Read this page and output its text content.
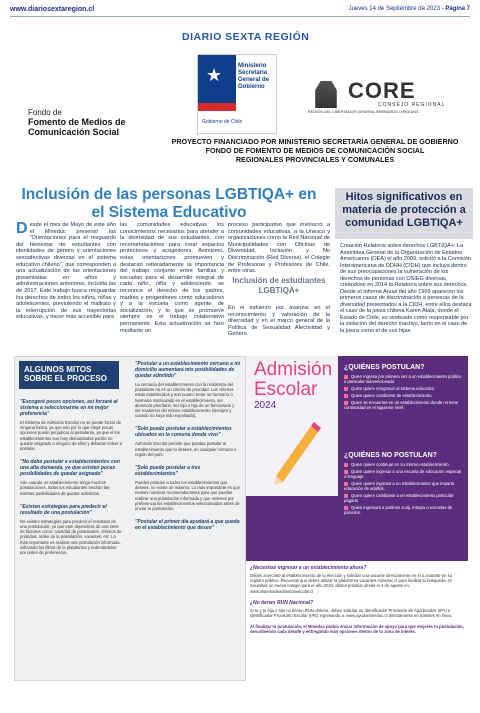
www.diariosextaregion.cl	Jueves 14 de Septiembre de 2023 - Página 7
DIARIO SEXTA REGIÓN
Fondo de
Fomento de Medios de Comunicación Social
★	Ministerio Secretaría General de Gobierno
Gobierno de Chile
CORE
CONSEJO REGIONAL
REGIÓN DEL LIBERTADOR GENERAL BERNARDO O'HIGGINS
PROYECTO FINANCIADO POR MINISTERIO SECRETARÍA GENERAL DE GOBIERNO
FONDO DE FOMENTO DE MEDIOS DE COMUNICACIÓN SOCIAL
REGIONALES PROVINCIALES Y COMUNALES
Inclusión de las personas LGBTIQA+ en el Sistema Educativo
Desde el mes de Mayo de este año el Mineduc presentó las "Orientaciones para el resguardo del bienestar de estudiantes con identidades de género y orientaciones sexoafectivas diversas en el sistema educativo chileno", que corresponden a una actualización de las orientaciones presentadas en años y administraciones anteriores, incluida las de 2017. Este trabajo busca resguardar los derechos de todos los niños, niñas y adolescentes, previniendo el maltrato y la interrupción de sus trayectorias educativas, y hacer más accesible para
las comunidades educativas los conocimientos necesarios para atender a la diversidad de sus estudiantes, con recomendaciones para crear espacios protectores y acogedores. Asimismo, estas orientaciones promueven y destacan reiteradamente la importancia del trabajo conjunto entre familias y escuelas para el desarrollo integral de cada niño, niña y adolescente, se reconoce el derecho de los padres, madres y progenitores como educadores y a la escuela como agente de socialización, y lo que se promueve siempre es el trabajo colaborativo permanente. Esta actualización se hizo mediante un
proceso participativo que involucró a comunidades educativas, a la Unesco y organizaciones como la Red Nacional de Municipalidades con Oficinas de Diversidad, Inclusión y No Discriminación (Red Diversa), el Colegio de Profesoras y Profesores de Chile, entre otras.
Inclusión de estudiantes LGBTIQA+
En el esfuerzo por avanzar en el reconocimiento y valoración de la diversidad y en el marco general de la Política de Sexualidad Afectividad y Género.
Hitos significativos en materia de protección a comunidad LGBTIQA+
Creación Relatoría sobre derechos LGBTIQA+: La Asamblea General de la Organización de Estados Americanos (OEA) el año 2009, solicitó a la Comisión Interamericana de DDHH (CIDH) que incluya dentro de sus preocupaciones la vulneración de los derechos de personas con OSIEG diversas, creándose en 2014 la Relatoría sobre sus derechos. Desde el Informe Anual del año 1999 aparecen los primeros casos de discriminación a personas de la diversidad presentados a la CIDH, entre ellos destaca el caso de la jueza chilena Karen Atala, donde el Estado de Chile, es sindicado como responsable por la violación del derecho inactivo, tanto en el caso de la jueza como el de sus hijas.
ALGUNOS MITOS SOBRE EL PROCESO
"Escogeré pocos opciones, así forzaré al sistema a seleccionarme en mi mejor preferencia"
El Sistema de Admisión Escolar no se puede forzar de ninguna forma, ya que eso por lo que elegir pocas opciones puede perjudicar al postulante, ya que el los establecimientos son muy demandados podría no quedar asignado a ninguno de ellos y deberán volver a postular.
"No debo postular a establecimientos con una alta demanda, ya que existen pocas posibilidades de quedar asignado"
Aún cuando un establecimiento tenga muchos postulaciones, todos los estudiantes tendrán las mismas posibilidades de quedar admitidos.
"Existen estrategias para predecir el resultado de una postulación"
No existen estrategias para predecir el resultado de una postulación, ya que este dependerá de una serie de factores como: cantidad de postulantes, criterios de prioridad, orden de la postulación, vacantes, etc. Lo más importante es realizar una postulación informada, utilizando los filtros de la plataforma y ordenándolos por orden de preferencia.
"Postular a un establecimiento cercano a mi domicilio aumentará mis posibilidades de quedar admitido"
La cercanía del establecimiento con la residencia del postulante no es un criterio de prioridad. Los criterios están establecidos y son cuatro: tener un hermano o hermana matriculado en el establecimiento, ser alumno/a prioritario, ser hijo o hija de un funcionario y ser exalumno del mismo establecimiento (siempre y cuando no haya sido expulsado).
"Solo puedo postular a establecimientos ubicados en la comuna donde vivo"
Admisión Escolar permite que puedas postular al establecimiento que tu desees, en cualquier comuna o región del país.
"Solo puedo postular a tres establecimientos"
Puedes postular a todos los establecimientos que desees, no existe un máximo. Lo más importante es que revises nuestras recomendaciones para que puedas realizar una postulación informada y que ordenes por preferencia los establecimientos seleccionados antes de enviar tu postulación.
"Postular el primer día ayudará a que quede en el establecimiento que deseo"
Admisión
Escolar
2024
¿QUIÉNES POSTULAN?
Quien ingresa por primera vez a un establecimiento público o particular subvencionado.
Quien quiere reingresar al sistema educativo.
Quien quiere cambiarse de establecimiento.
Quien se encuentra en un establecimiento donde no tiene continuidad en el siguiente nivel.
¿QUIÉNES NO POSTULAN?
Quien quiere continuar en su mismo establecimiento.
Quien quiere ingresar a una escuela de educación especial o lenguaje.
Quien quiere ingresar a un establecimiento que imparta educación de adultos.
Quien quiere cambiarse a un establecimiento particular pagado.
Quien ingresará a jardines Junji, Integra o escuelas de párvulos.
¿Necesitas ingresar a un establecimiento ahora?
Debes acercarte al establecimiento de tu elección y solicitar una vacante directamente en él o anotarte en su registro público. Recuerda que debes utilizar la plataforma vacantes mineduc.cl para facilitar tu búsqueda. Si necesitas un nuevo colegio para el año 2024, debes postular desde el 4 de agosto en: www.sistemadeadmisionescolar.cl
¿No tienes RUN Nacional?
Si tu y tu hija o hijo no tienen RUN chileno, deben solicitar un Identificador Provisorio de Apoderados (IPA) e Identificador Provisorio Escolar (IPE) ingresando a: www.ayudamineduc.cl directamente en trámites en línea.
Al finalizar tu postulación, el Mineduc podría enviar información de apoyo para que mejores tu postulación, describiendo cada detalle y entregando más opciones dentro de tu zona de interés.
